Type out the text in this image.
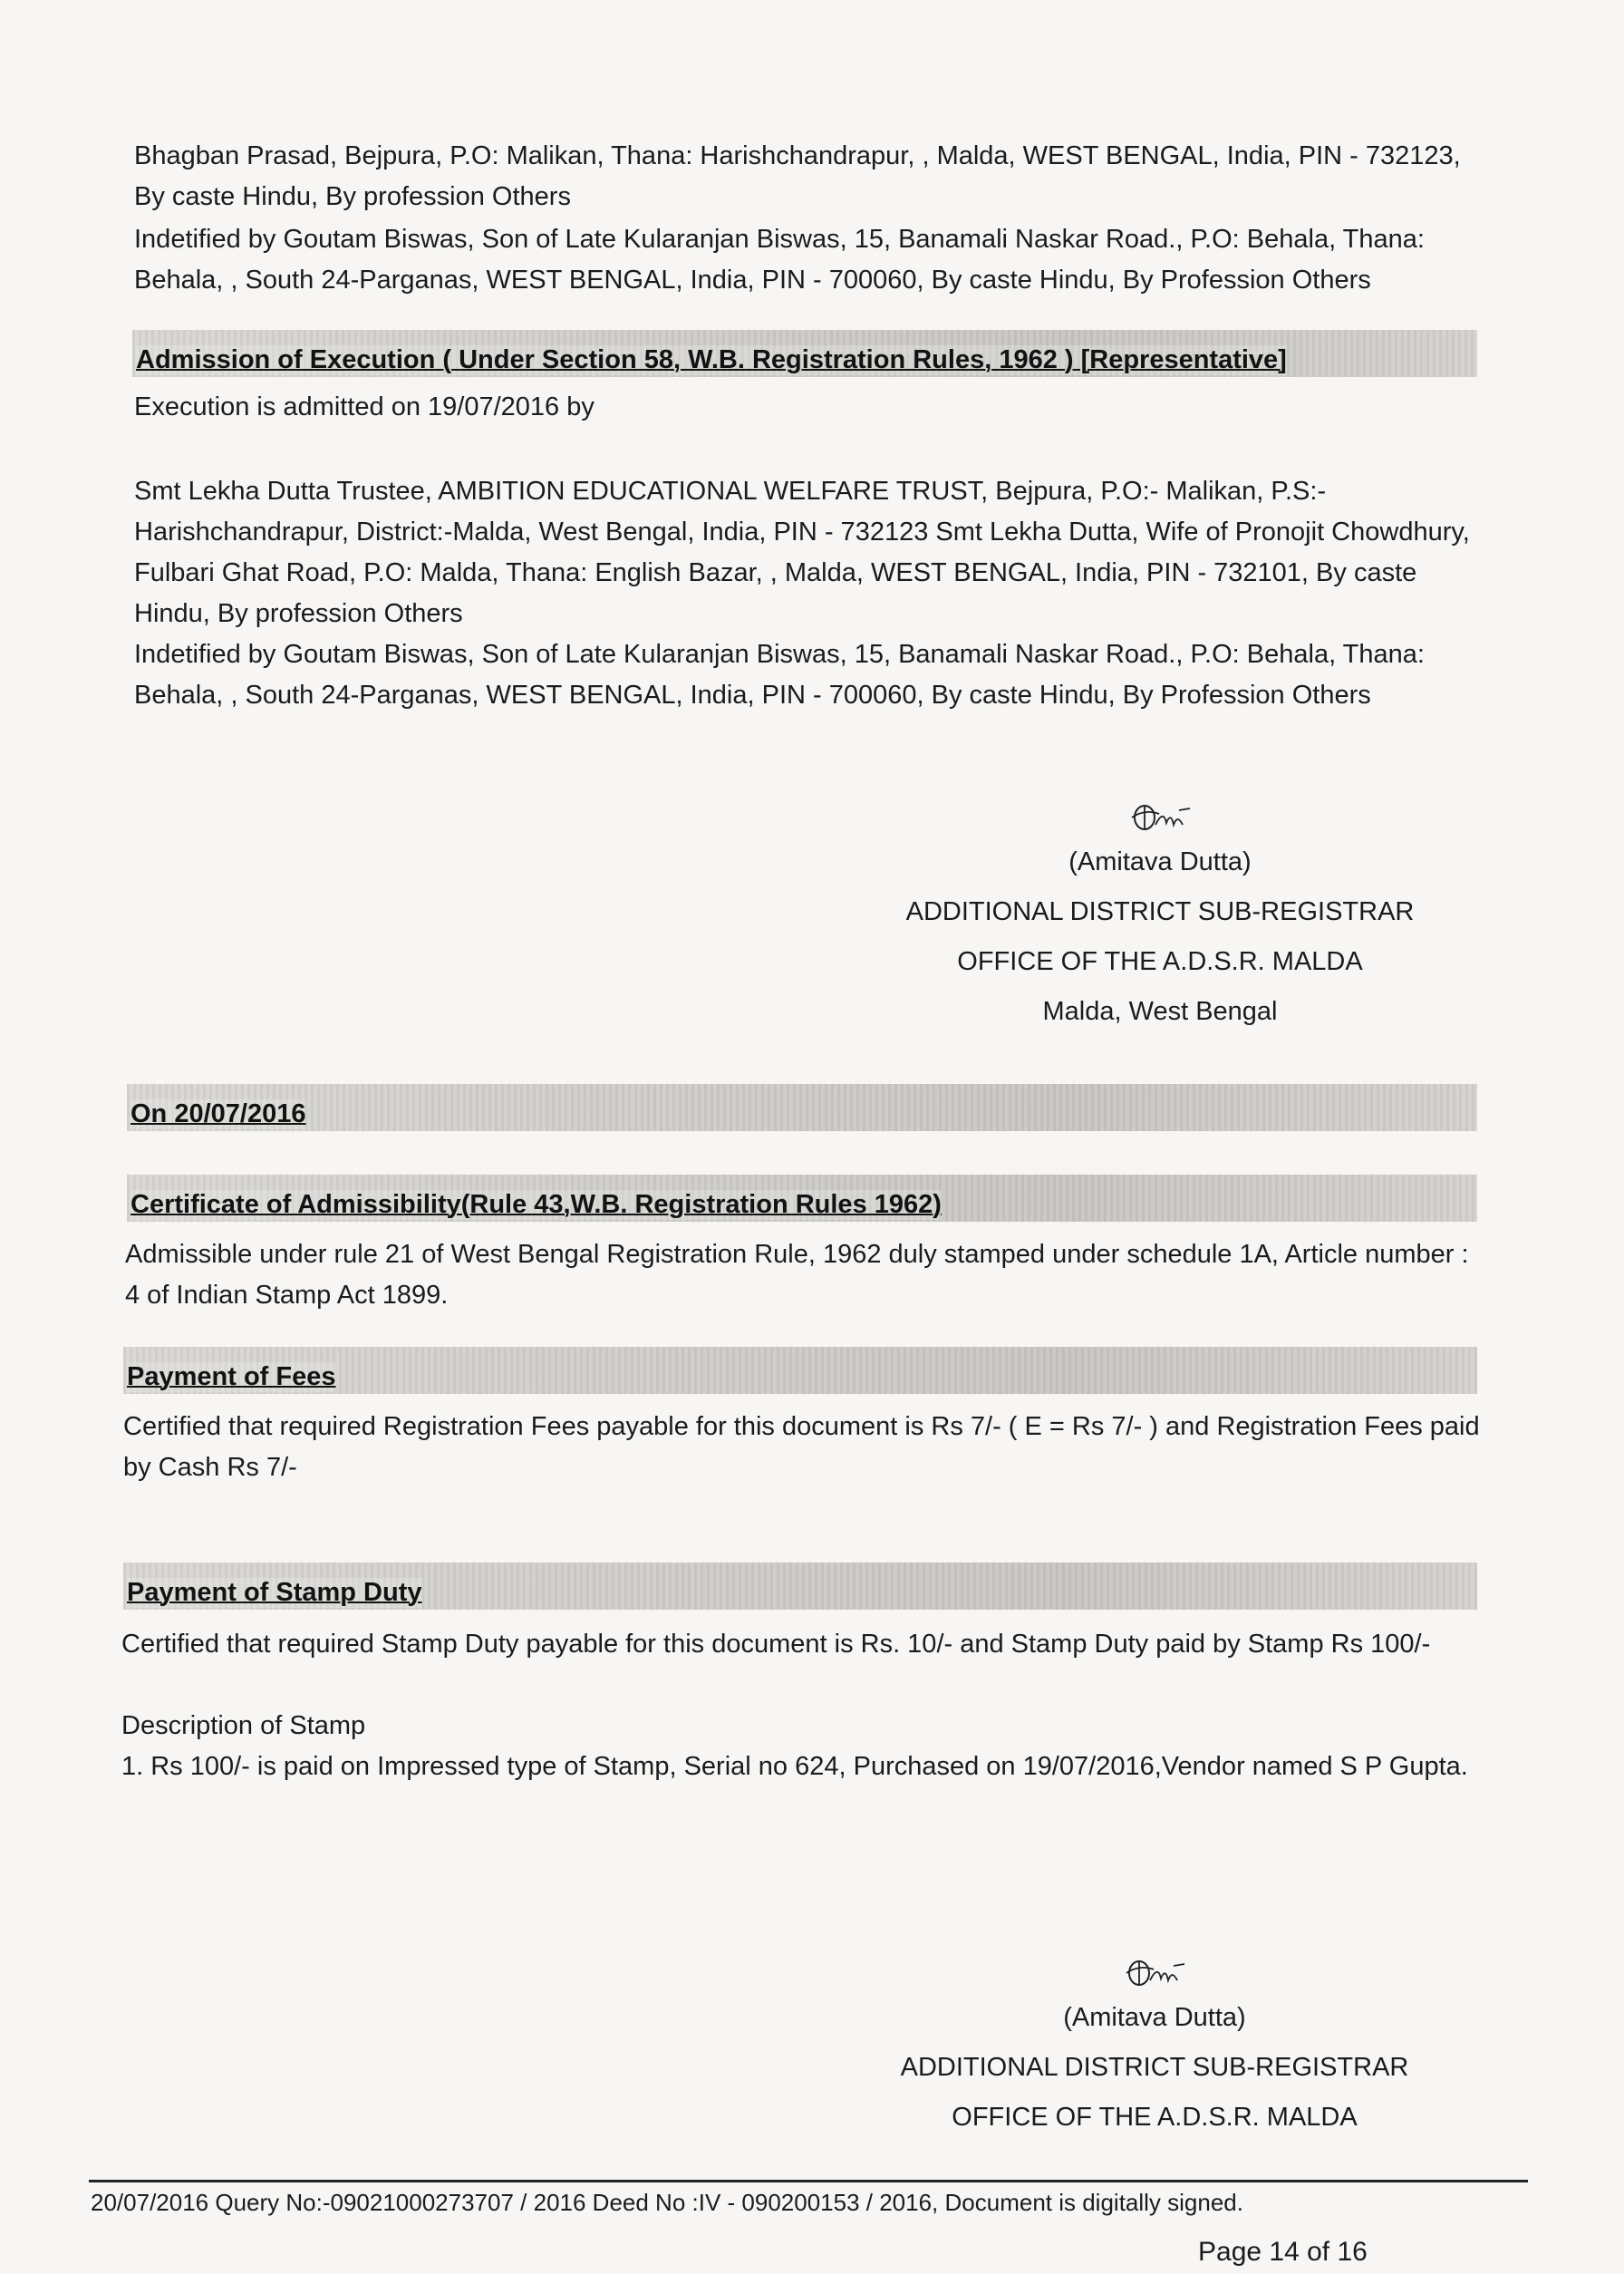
Bhagban Prasad, Bejpura, P.O: Malikan, Thana: Harishchandrapur, , Malda, WEST BENGAL, India, PIN - 732123, By caste Hindu, By profession Others

Indetified by Goutam Biswas, Son of Late Kularanjan Biswas, 15, Banamali Naskar Road., P.O: Behala, Thana: Behala, , South 24-Parganas, WEST BENGAL, India, PIN - 700060, By caste Hindu, By Profession Others

Admission of Execution ( Under Section 58, W.B. Registration Rules, 1962 ) [Representative]

Execution is admitted on 19/07/2016 by

Smt Lekha Dutta Trustee, AMBITION EDUCATIONAL WELFARE TRUST, Bejpura, P.O:- Malikan, P.S:- Harishchandrapur, District:-Malda, West Bengal, India, PIN - 732123 Smt Lekha Dutta, Wife of Pronojit Chowdhury, Fulbari Ghat Road, P.O: Malda, Thana: English Bazar, , Malda, WEST BENGAL, India, PIN - 732101, By caste Hindu, By profession Others

Indetified by Goutam Biswas, Son of Late Kularanjan Biswas, 15, Banamali Naskar Road., P.O: Behala, Thana: Behala, , South 24-Parganas, WEST BENGAL, India, PIN - 700060, By caste Hindu, By Profession Others

(Amitava Dutta)

ADDITIONAL DISTRICT SUB-REGISTRAR

OFFICE OF THE A.D.S.R. MALDA

Malda, West Bengal

On 20/07/2016
Certificate of Admissibility(Rule 43,W.B. Registration Rules 1962)

Admissible under rule 21 of West Bengal Registration Rule, 1962 duly stamped under schedule 1A, Article number : 4 of Indian Stamp Act 1899.

Payment of Fees

Certified that required Registration Fees payable for this document is Rs 7/- ( E = Rs 7/- ) and Registration Fees paid by Cash Rs 7/-

Payment of Stamp Duty

Certified that required Stamp Duty payable for this document is Rs. 10/- and Stamp Duty paid by Stamp Rs 100/-

Description of Stamp

1. Rs 100/- is paid on Impressed type of Stamp, Serial no 624, Purchased on 19/07/2016,Vendor named S P Gupta.

(Amitava Dutta)

ADDITIONAL DISTRICT SUB-REGISTRAR

OFFICE OF THE A.D.S.R. MALDA

20/07/2016 Query No:-09021000273707 / 2016 Deed No :IV - 090200153 / 2016, Document is digitally signed.
Page 14 of 16
